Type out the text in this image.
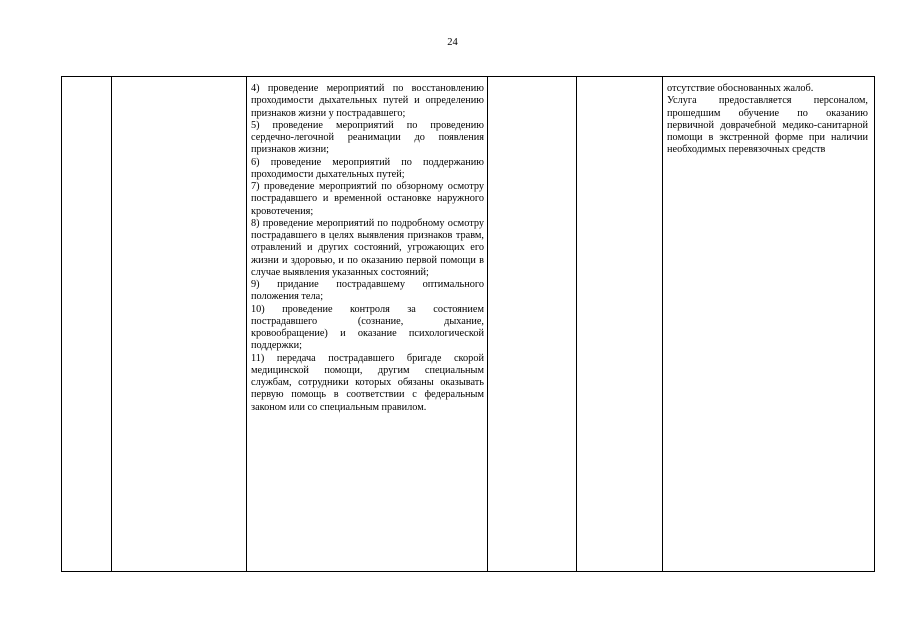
24

4) проведение мероприятий по восстановлению проходимости дыхательных путей и определению признаков жизни у пострадавшего;
5) проведение мероприятий по проведению сердечно-легочной реанимации до появления признаков жизни;
6) проведение мероприятий по поддержанию проходимости дыхательных путей;
7) проведение мероприятий по обзорному осмотру пострадавшего и временной остановке наружного кровотечения;
8) проведение мероприятий по подробному осмотру пострадавшего в целях выявления признаков травм, отравлений и других состояний, угрожающих его жизни и здоровью, и по оказанию первой помощи в случае выявления указанных состояний;
9) придание пострадавшему оптимального положения тела;
10) проведение контроля за состоянием пострадавшего (сознание, дыхание, кровообращение) и оказание психологической поддержки;
11) передача пострадавшего бригаде скорой медицинской помощи, другим специальным службам, сотрудники которых обязаны оказывать первую помощь в соответствии с федеральным законом или со специальным правилом.

отсутствие обоснованных жалоб.
Услуга предоставляется персоналом, прошедшим обучение по оказанию первичной доврачебной медико-санитарной помощи в экстренной форме при наличии необходимых перевязочных средств
